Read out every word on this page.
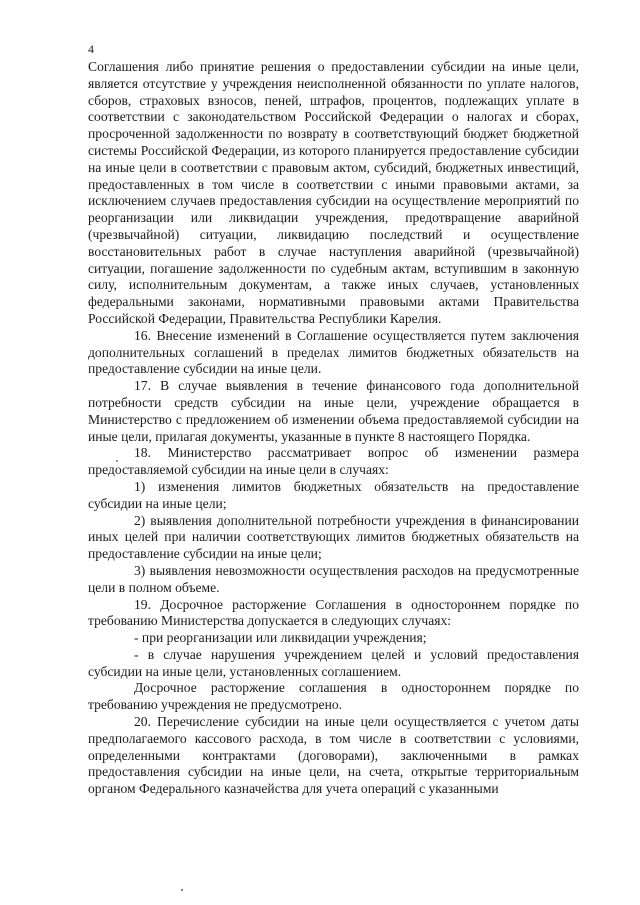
4

Соглашения либо принятие решения о предоставлении субсидии на иные цели, является отсутствие у учреждения неисполненной обязанности по уплате налогов, сборов, страховых взносов, пеней, штрафов, процентов, подлежащих уплате в соответствии с законодательством Российской Федерации о налогах и сборах, просроченной задолженности по возврату в соответствующий бюджет бюджетной системы Российской Федерации, из которого планируется предоставление субсидии на иные цели в соответствии с правовым актом, субсидий, бюджетных инвестиций, предоставленных в том числе в соответствии с иными правовыми актами, за исключением случаев предоставления субсидии на осуществление мероприятий по реорганизации или ликвидации учреждения, предотвращение аварийной (чрезвычайной) ситуации, ликвидацию последствий и осуществление восстановительных работ в случае наступления аварийной (чрезвычайной) ситуации, погашение задолженности по судебным актам, вступившим в законную силу, исполнительным документам, а также иных случаев, установленных федеральными законами, нормативными правовыми актами Правительства Российской Федерации, Правительства Республики Карелия.

16. Внесение изменений в Соглашение осуществляется путем заключения дополнительных соглашений в пределах лимитов бюджетных обязательств на предоставление субсидии на иные цели.

17. В случае выявления в течение финансового года дополнительной потребности средств субсидии на иные цели, учреждение обращается в Министерство с предложением об изменении объема предоставляемой субсидии на иные цели, прилагая документы, указанные в пункте 8 настоящего Порядка.

18. Министерство рассматривает вопрос об изменении размера предоставляемой субсидии на иные цели в случаях:

1) изменения лимитов бюджетных обязательств на предоставление субсидии на иные цели;

2) выявления дополнительной потребности учреждения в финансировании иных целей при наличии соответствующих лимитов бюджетных обязательств на предоставление субсидии на иные цели;

3) выявления невозможности осуществления расходов на предусмотренные цели в полном объеме.

19. Досрочное расторжение Соглашения в одностороннем порядке по требованию Министерства допускается в следующих случаях:

- при реорганизации или ликвидации учреждения;

- в случае нарушения учреждением целей и условий предоставления субсидии на иные цели, установленных соглашением.

Досрочное расторжение соглашения в одностороннем порядке по требованию учреждения не предусмотрено.

20. Перечисление субсидии на иные цели осуществляется с учетом даты предполагаемого кассового расхода, в том числе в соответствии с условиями, определенными контрактами (договорами), заключенными в рамках предоставления субсидии на иные цели, на счета, открытые территориальным органом Федерального казначейства для учета операций с указанными
